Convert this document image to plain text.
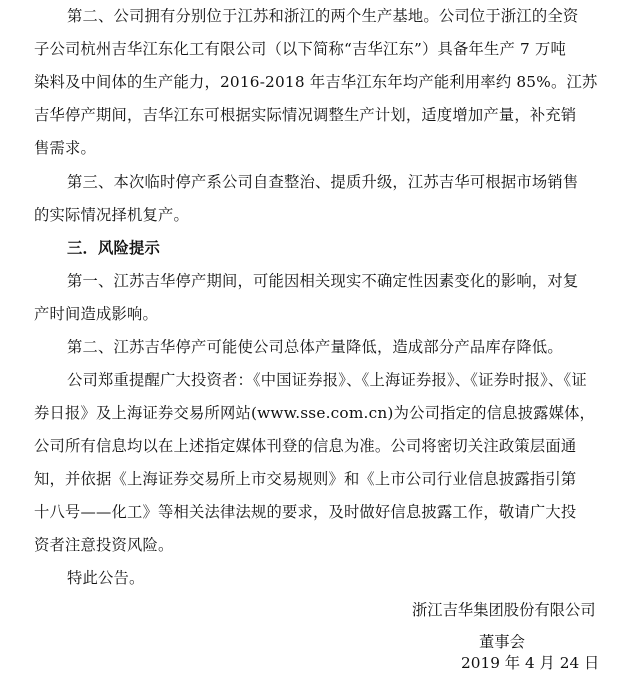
第二、公司拥有分别位于江苏和浙江的两个生产基地。公司位于浙江的全资
子公司杭州吉华江东化工有限公司（以下简称“吉华江东”）具备年生产 7 万吨
染料及中间体的生产能力，2016-2018 年吉华江东年均产能利用率约 85%。江苏
吉华停产期间，吉华江东可根据实际情况调整生产计划，适度增加产量，补充销
售需求。
第三、本次临时停产系公司自查整治、提质升级，江苏吉华可根据市场销售
的实际情况择机复产。
三．风险提示
第一、江苏吉华停产期间，可能因相关现实不确定性因素变化的影响，对复
产时间造成影响。
第二、江苏吉华停产可能使公司总体产量降低，造成部分产品库存降低。
公司郑重提醒广大投资者：《中国证券报》、《上海证券报》、《证券时报》、《证
券日报》及上海证券交易所网站(www.sse.com.cn)为公司指定的信息披露媒体，
公司所有信息均以在上述指定媒体刊登的信息为准。公司将密切关注政策层面通
知，并依据《上海证券交易所上市交易规则》和《上市公司行业信息披露指引第
十八号——化工》等相关法律法规的要求，及时做好信息披露工作，敬请广大投
资者注意投资风险。
特此公告。
浙江吉华集团股份有限公司
董事会
2019 年 4 月 24 日
